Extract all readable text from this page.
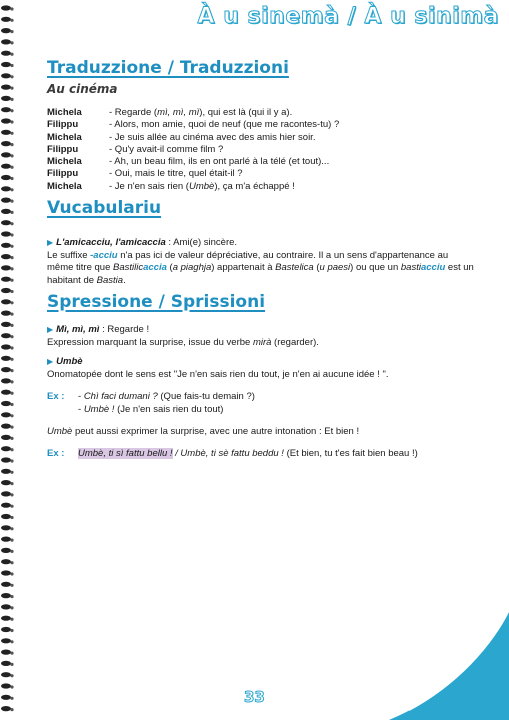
À u sinemà / À u sinimà
Traduzzione / Traduzzioni
Au cinéma
Michela	- Regarde (mì, mì, mì), qui est là (qui il y a).
Filippu	- Alors, mon amie, quoi de neuf (que me racontes-tu) ?
Michela	- Je suis allée au cinéma avec des amis hier soir.
Filippu	- Qu'y avait-il comme film ?
Michela	- Ah, un beau film, ils en ont parlé à la télé (et tout)...
Filippu	- Oui, mais le titre, quel était-il ?
Michela	- Je n'en sais rien (Umbè), ça m'a échappé !
Vucabulariu
▶ L'amicacciu, l'amicaccia : Ami(e) sincère.
Le suffixe -acciu n'a pas ici de valeur dépréciative, au contraire. Il a un sens d'appartenance au même titre que Bastilicaccia (a piaghja) appartenait à Bastelica (u paesi) ou que un bastiacciu est un habitant de Bastia.
Spressione / Sprissioni
▶ Mì, mì, mì : Regarde !
Expression marquant la surprise, issue du verbe mirà (regarder).
▶ Umbè
Onomatopée dont le sens est "Je n'en sais rien du tout, je n'en ai aucune idée ! ".
Ex : - Chì faci dumani ? (Que fais-tu demain ?)
- Umbè ! (Je n'en sais rien du tout)
Umbè peut aussi exprimer la surprise, avec une autre intonation : Et bien !
Ex : Umbè, ti sì fattu bellu ! / Umbè, ti sè fattu beddu ! (Et bien, tu t'es fait bien beau !)
33
